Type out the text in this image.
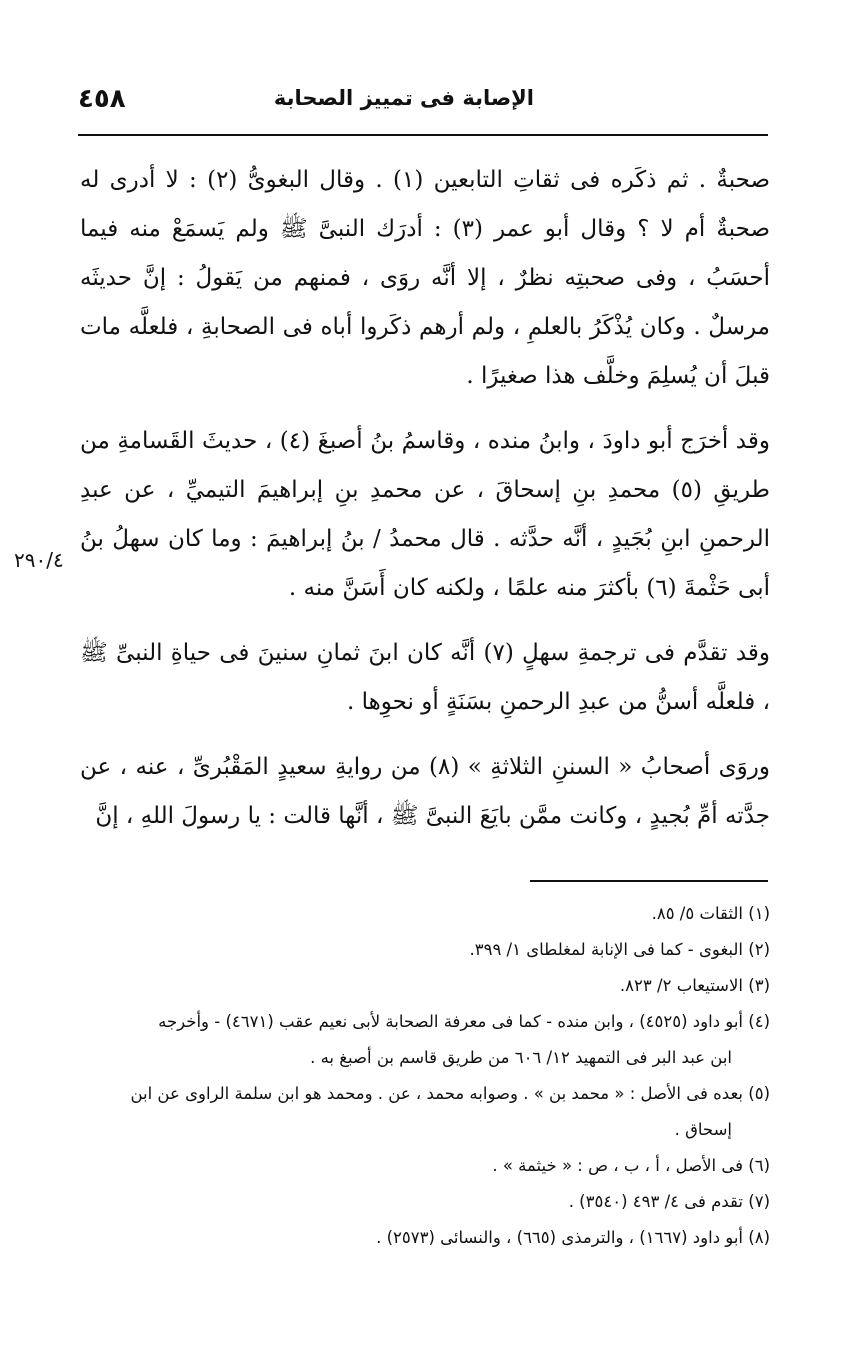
٤٥٨	الإصابة فى تمييز الصحابة

صحبةٌ . ثم ذكَره فى ثقاتِ التابعين (١) . وقال البغوىُّ (٢) : لا أدرى له صحبةٌ أم لا ؟ وقال أبو عمر (٣) : أدرَك النبىَّ ﷺ ولم يَسمَعْ منه فيما أحسَبُ ، وفى صحبتِه نظرٌ ، إلا أنَّه روَى ، فمنهم من يَقولُ : إنَّ حديثَه مرسلٌ . وكان يُذْكَرُ بالعلمِ ، ولم أرهم ذكَروا أباه فى الصحابةِ ، فلعلَّه مات قبلَ أن يُسلِمَ وخلَّف هذا صغيرًا .

وقد أخرَج أبو داودَ ، وابنُ منده ، وقاسمُ بنُ أصبغَ (٤) ، حديثَ القَسامةِ من طريقِ (٥) محمدِ بنِ إسحاقَ ، عن محمدِ بنِ إبراهيمَ التيميِّ ، عن عبدِ الرحمنِ ابنِ بُجَيدٍ ، أنَّه حدَّثه . قال محمدُ / بنُ إبراهيمَ : وما كان سهلُ بنُ أبى حَثْمةَ (٦) بأكثرَ منه علمًا ، ولكنه كان أَسَنَّ منه .

وقد تقدَّم فى ترجمةِ سهلٍ (٧) أنَّه كان ابنَ ثمانِ سنينَ فى حياةِ النبىِّ ﷺ ، فلعلَّه أسنُّ من عبدِ الرحمنِ بسَنَةٍ أو نحوِها .

وروَى أصحابُ « السننِ الثلاثةِ » (٨) من روايةِ سعيدٍ المَقْبُرىِّ ، عنه ، عن جدَّته أمِّ بُجيدٍ ، وكانت ممَّن بايَعَ النبىَّ ﷺ ، أنَّها قالت : يا رسولَ اللهِ ، إنَّ

٢٩٠/٤

(١) الثقات ٥/ ٨٥.

(٢) البغوى - كما فى الإنابة لمغلطاى ١/ ٣٩٩.

(٣) الاستيعاب ٢/ ٨٢٣.

(٤) أبو داود (٤٥٢٥) ، وابن منده - كما فى معرفة الصحابة لأبى نعيم عقب (٤٦٧١) - وأخرجه
ابن عبد البر فى التمهيد ١٢/ ٦٠٦ من طريق قاسم بن أصبغ به .

(٥) بعده فى الأصل : « محمد بن » . وصوابه محمد ، عن . ومحمد هو ابن سلمة الراوى عن ابن
إسحاق .

(٦) فى الأصل ، أ ، ب ، ص : « خيثمة » .

(٧) تقدم فى ٤/ ٤٩٣ (٣٥٤٠) .

(٨) أبو داود (١٦٦٧) ، والترمذى (٦٦٥) ، والنسائى (٢٥٧٣) .
